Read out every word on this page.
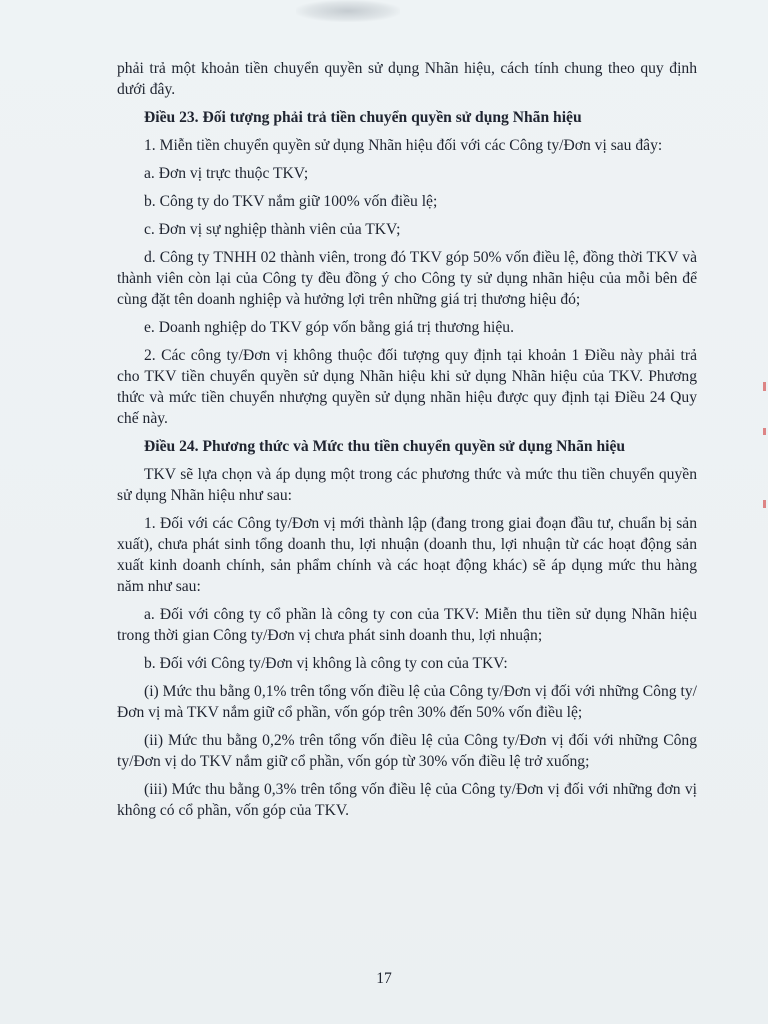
phải trả một khoản tiền chuyển quyền sử dụng Nhãn hiệu, cách tính chung theo quy định dưới đây.

Điều 23. Đối tượng phải trả tiền chuyển quyền sử dụng Nhãn hiệu

1. Miễn tiền chuyển quyền sử dụng Nhãn hiệu đối với các Công ty/Đơn vị sau đây:

a. Đơn vị trực thuộc TKV;

b. Công ty do TKV nắm giữ 100% vốn điều lệ;

c. Đơn vị sự nghiệp thành viên của TKV;

d. Công ty TNHH 02 thành viên, trong đó TKV góp 50% vốn điều lệ, đồng thời TKV và thành viên còn lại của Công ty đều đồng ý cho Công ty sử dụng nhãn hiệu của mỗi bên để cùng đặt tên doanh nghiệp và hưởng lợi trên những giá trị thương hiệu đó;

e. Doanh nghiệp do TKV góp vốn bằng giá trị thương hiệu.

2. Các công ty/Đơn vị không thuộc đối tượng quy định tại khoản 1 Điều này phải trả cho TKV tiền chuyển quyền sử dụng Nhãn hiệu khi sử dụng Nhãn hiệu của TKV. Phương thức và mức tiền chuyển nhượng quyền sử dụng nhãn hiệu được quy định tại Điều 24 Quy chế này.

Điều 24. Phương thức và Mức thu tiền chuyển quyền sử dụng Nhãn hiệu

TKV sẽ lựa chọn và áp dụng một trong các phương thức và mức thu tiền chuyển quyền sử dụng Nhãn hiệu như sau:

1. Đối với các Công ty/Đơn vị mới thành lập (đang trong giai đoạn đầu tư, chuẩn bị sản xuất), chưa phát sinh tổng doanh thu, lợi nhuận (doanh thu, lợi nhuận từ các hoạt động sản xuất kinh doanh chính, sản phẩm chính và các hoạt động khác) sẽ áp dụng mức thu hàng năm như sau:

a. Đối với công ty cổ phần là công ty con của TKV: Miễn thu tiền sử dụng Nhãn hiệu trong thời gian Công ty/Đơn vị chưa phát sinh doanh thu, lợi nhuận;

b. Đối với Công ty/Đơn vị không là công ty con của TKV:

(i) Mức thu bằng 0,1% trên tổng vốn điều lệ của Công ty/Đơn vị đối với những Công ty/Đơn vị mà TKV nắm giữ cổ phần, vốn góp trên 30% đến 50% vốn điều lệ;

(ii) Mức thu bằng 0,2% trên tổng vốn điều lệ của Công ty/Đơn vị đối với những Công ty/Đơn vị do TKV nắm giữ cổ phần, vốn góp từ 30% vốn điều lệ trở xuống;

(iii) Mức thu bằng 0,3% trên tổng vốn điều lệ của Công ty/Đơn vị đối với những đơn vị không có cổ phần, vốn góp của TKV.

17
